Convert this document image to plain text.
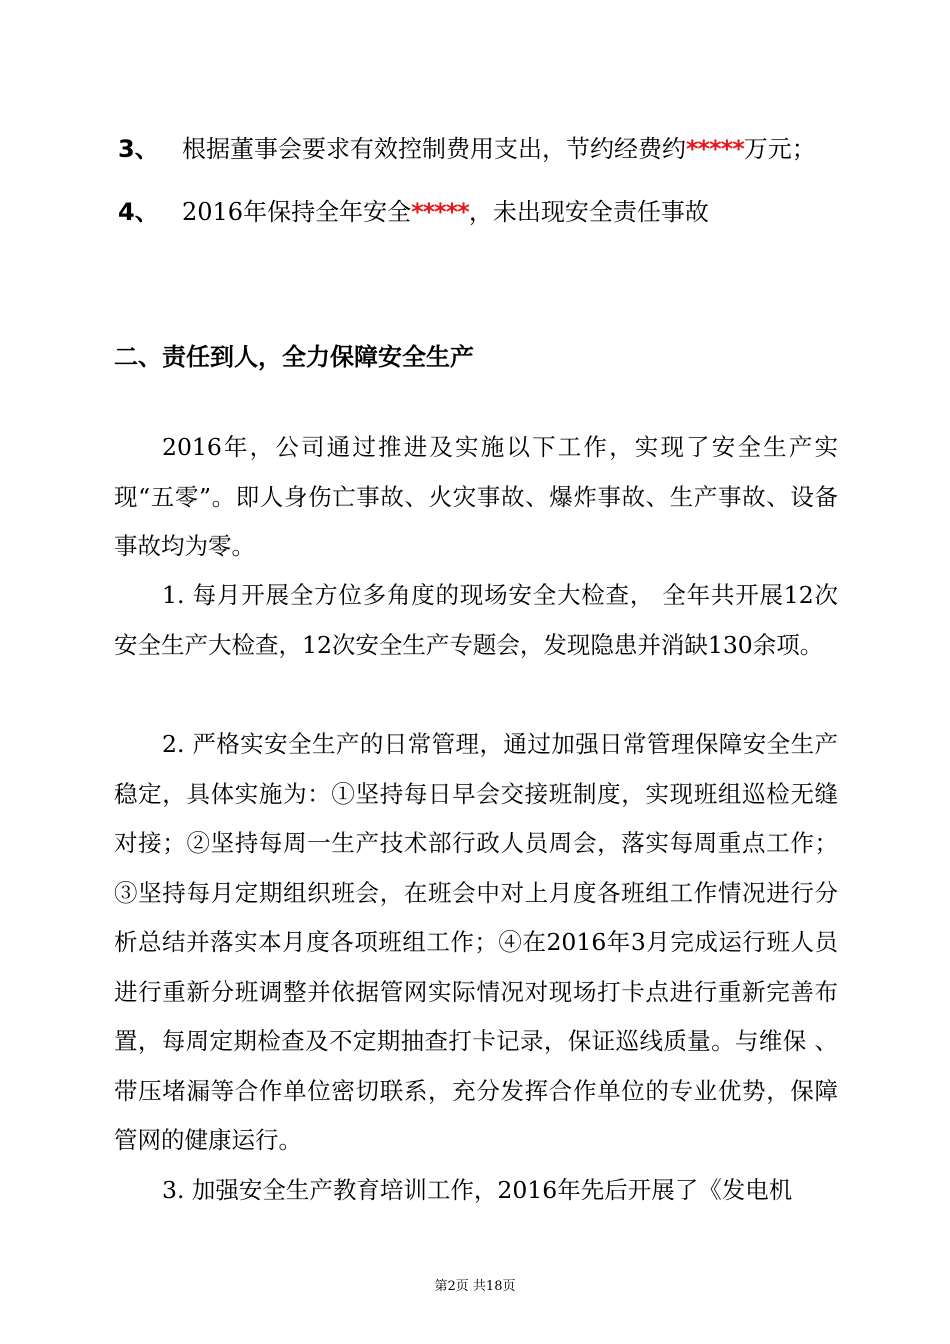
3、 根据董事会要求有效控制费用支出，节约经费约*****万元；
4、 2016年保持全年安全*****，未出现安全责任事故
二、责任到人，全力保障安全生产

2016年，公司通过推进及实施以下工作，实现了安全生产实现“五零”。即人身伤亡事故、火灾事故、爆炸事故、生产事故、设备事故均为零。

1. 每月开展全方位多角度的现场安全大检查， 全年共开展12次安全生产大检查，12次安全生产专题会，发现隐患并消缺130余项。

2. 严格实安全生产的日常管理，通过加强日常管理保障安全生产稳定，具体实施为：①坚持每日早会交接班制度，实现班组巡检无缝对接；②坚持每周一生产技术部行政人员周会，落实每周重点工作；③坚持每月定期组织班会，在班会中对上月度各班组工作情况进行分析总结并落实本月度各项班组工作；④在2016年3月完成运行班人员进行重新分班调整并依据管网实际情况对现场打卡点进行重新完善布置，每周定期检查及不定期抽查打卡记录，保证巡线质量。与维保 、带压堵漏等合作单位密切联系，充分发挥合作单位的专业优势，保障管网的健康运行。

3. 加强安全生产教育培训工作，2016年先后开展了《发电机

第2页 共18页
